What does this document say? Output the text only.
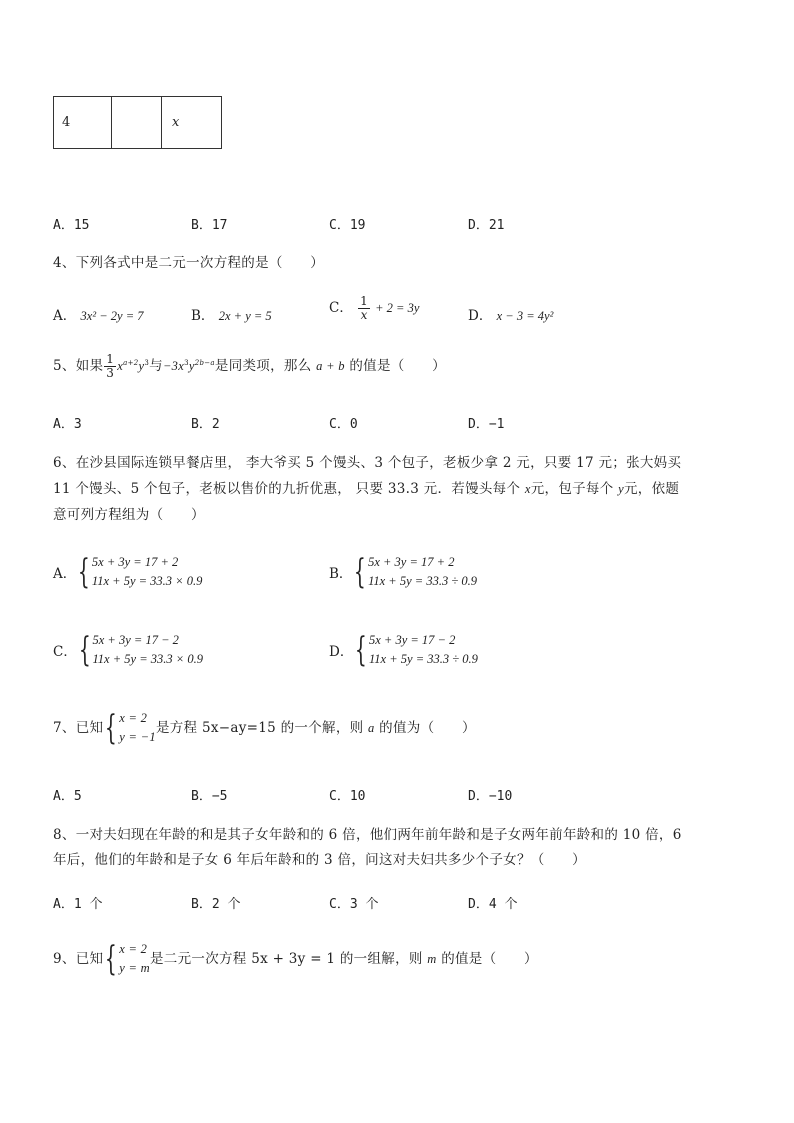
4		x
A．15	B．17	C．19	D．21
4、下列各式中是二元一次方程的是（　　）
A． 3x² − 2y = 7	B． 2x + y = 5	C． $\frac{1}{x} + 2 = 3y$	D． x − 3 = 4y²
5、如果 $\frac{1}{3} x^{a+2}y^3$与$-3x^3y^{2b-a}$是同类项，那么 a + b 的值是（　　）
A．3	B．2	C．0	D．−1
6、在沙县国际连锁早餐店里， 李大爷买 5 个馒头、3 个包子，老板少拿 2 元，只要 17 元；张大妈买
11 个馒头、5 个包子，老板以售价的九折优惠， 只要 33.3 元．若馒头每个 x元，包子每个 y元，依题
意可列方程组为（　　）
A． { 5x + 3y = 17 + 2
11x + 5y = 33.3 × 0.9	B． { 5x + 3y = 17 + 2
11x + 5y = 33.3 ÷ 0.9
C． { 5x + 3y = 17 − 2
11x + 5y = 33.3 × 0.9	D． { 5x + 3y = 17 − 2
11x + 5y = 33.3 ÷ 0.9
7、已知 { x = 2
y = −1
是方程 5x−ay=15 的一个解，则 a 的值为（　　）
A．5	B．−5	C．10	D．−10
8、一对夫妇现在年龄的和是其子女年龄和的 6 倍，他们两年前年龄和是子女两年前年龄和的 10 倍，6
年后，他们的年龄和是子女 6 年后年龄和的 3 倍，问这对夫妇共多少个子女？（　　）
A．1 个	B．2 个	C．3 个	D．4 个
9、已知 { x = 2
y = m
是二元一次方程 5x + 3y = 1 的一组解，则 m 的值是（　　）
